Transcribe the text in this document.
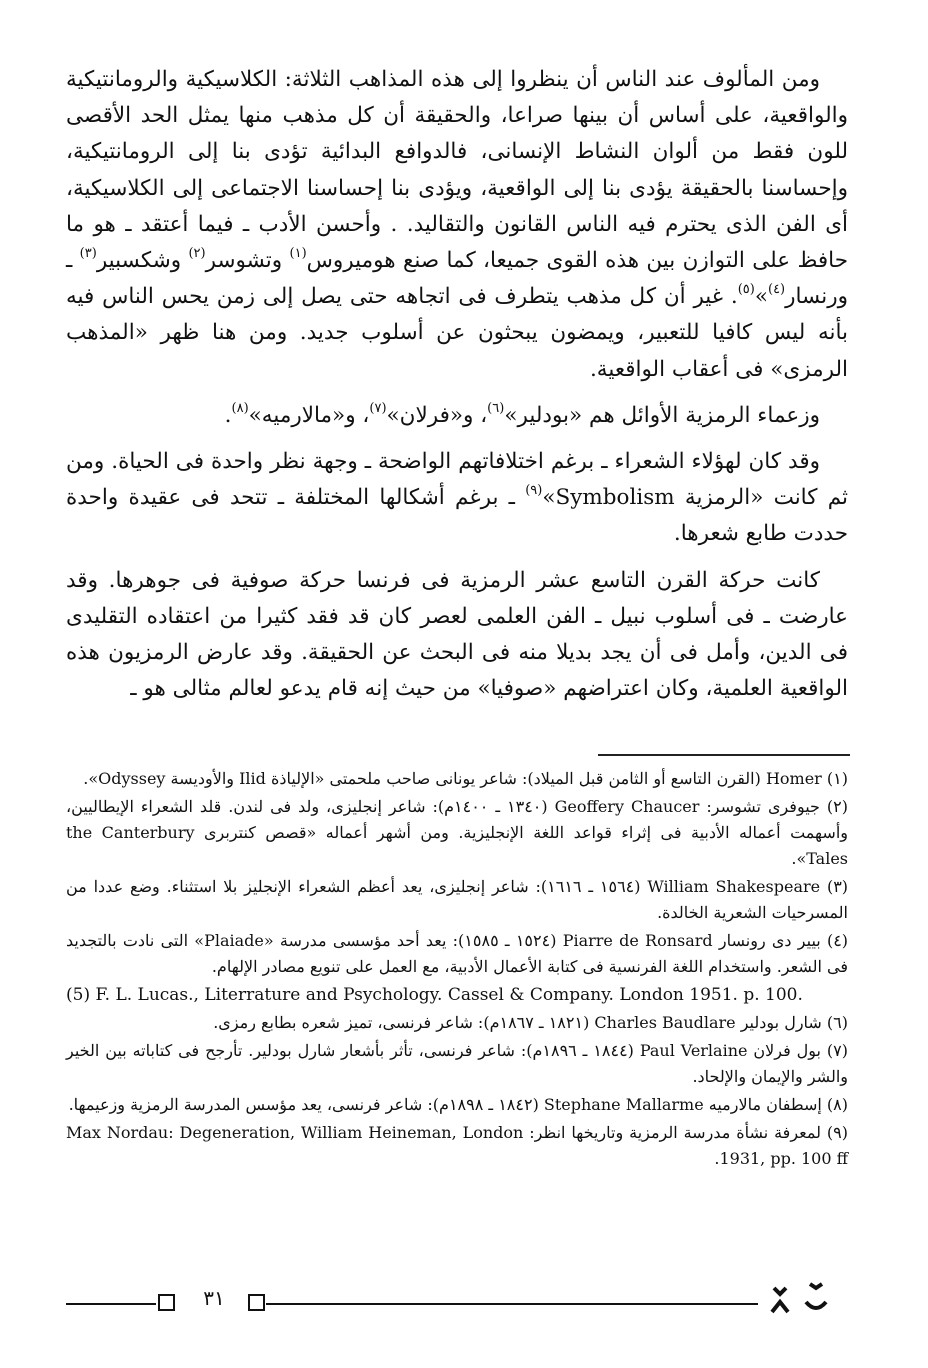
ومن المألوف عند الناس أن ينظروا إلى هذه المذاهب الثلاثة: الكلاسيكية والرومانتيكية والواقعية، على أساس أن بينها صراعا، والحقيقة أن كل مذهب منها يمثل الحد الأقصى للون فقط من ألوان النشاط الإنسانى، فالدوافع البدائية تؤدى بنا إلى الرومانتيكية، وإحساسنا بالحقيقة يؤدى بنا إلى الواقعية، ويؤدى بنا إحساسنا الاجتماعى إلى الكلاسيكية، أى الفن الذى يحترم فيه الناس القانون والتقاليد. . وأحسن الأدب ـ فيما أعتقد ـ هو ما حافظ على التوازن بين هذه القوى جميعا، كما صنع هوميروس$^{(١)}$ وتشوسر$^{(٢)}$ وشكسبير$^{(٣)}$ ـ ورنسار$^{(٤)}$»$^{(٥)}$. غير أن كل مذهب يتطرف فى اتجاهه حتى يصل إلى زمن يحس الناس فيه بأنه ليس كافيا للتعبير، ويمضون يبحثون عن أسلوب جديد. ومن هنا ظهر «المذهب الرمزى» فى أعقاب الواقعية.

وزعماء الرمزية الأوائل هم «بودلير»$^{(٦)}$، و«فرلان»$^{(٧)}$، و«مالارميه»$^{(٨)}$.

وقد كان لهؤلاء الشعراء ـ برغم اختلافاتهم الواضحة ـ وجهة نظر واحدة فى الحياة. ومن ثم كانت «الرمزية Symbolism»$^{(٩)}$ ـ برغم أشكالها المختلفة ـ تتحد فى عقيدة واحدة حددت طابع شعرها.

كانت حركة القرن التاسع عشر الرمزية فى فرنسا حركة صوفية فى جوهرها. وقد عارضت ـ فى أسلوب نبيل ـ الفن العلمى لعصر كان قد فقد كثيرا من اعتقاده التقليدى فى الدين، وأمل فى أن يجد بديلا منه فى البحث عن الحقيقة. وقد عارض الرمزيون هذه الواقعية العلمية، وكان اعتراضهم «صوفيا» من حيث إنه قام يدعو لعالم مثالى هو ـ

(١) Homer (القرن التاسع أو الثامن قبل الميلاد): شاعر يونانى صاحب ملحمتى «الإلياذة Ilid والأوديسة Odyssey».

(٢) جيوفرى تشوسر: Geoffery Chaucer (١٣٤٠ ـ ١٤٠٠م): شاعر إنجليزى، ولد فى لندن. قلد الشعراء الإيطاليين، وأسهمت أعماله الأدبية فى إثراء قواعد اللغة الإنجليزية. ومن أشهر أعماله «قصص كنتربرى the Canterbury Tales».

(٣) William Shakespeare (١٥٦٤ ـ ١٦١٦): شاعر إنجليزى، يعد أعظم الشعراء الإنجليز بلا استثناء. وضع عددا من المسرحيات الشعرية الخالدة.

(٤) بيير دى رونسار Piarre de Ronsard (١٥٢٤ ـ ١٥٨٥): يعد أحد مؤسسى مدرسة «Plaiade» التى نادت بالتجديد فى الشعر. واستخدام اللغة الفرنسية فى كتابة الأعمال الأدبية، مع العمل على تنويع مصادر الإلهام.

(5) F. L. Lucas., Literrature and Psychology. Cassel & Company. London 1951. p. 100.

(٦) شارل بودلير Charles Baudlare (١٨٢١ ـ ١٨٦٧م): شاعر فرنسى، تميز شعره بطابع رمزى.

(٧) بول فرلان Paul Verlaine (١٨٤٤ ـ ١٨٩٦م): شاعر فرنسى، تأثر بأشعار شارل بودلير. تأرجح فى كتاباته بين الخير والشر والإيمان والإلحاد.

(٨) إسطفان مالارميه Stephane Mallarme (١٨٤٢ ـ ١٨٩٨م): شاعر فرنسى، يعد مؤسس المدرسة الرمزية وزعيمها.

(٩) لمعرفة نشأة مدرسة الرمزية وتاريخها انظر: Max Nordau: Degeneration, William Heineman, London 1931, pp. 100 ff.

٣١
